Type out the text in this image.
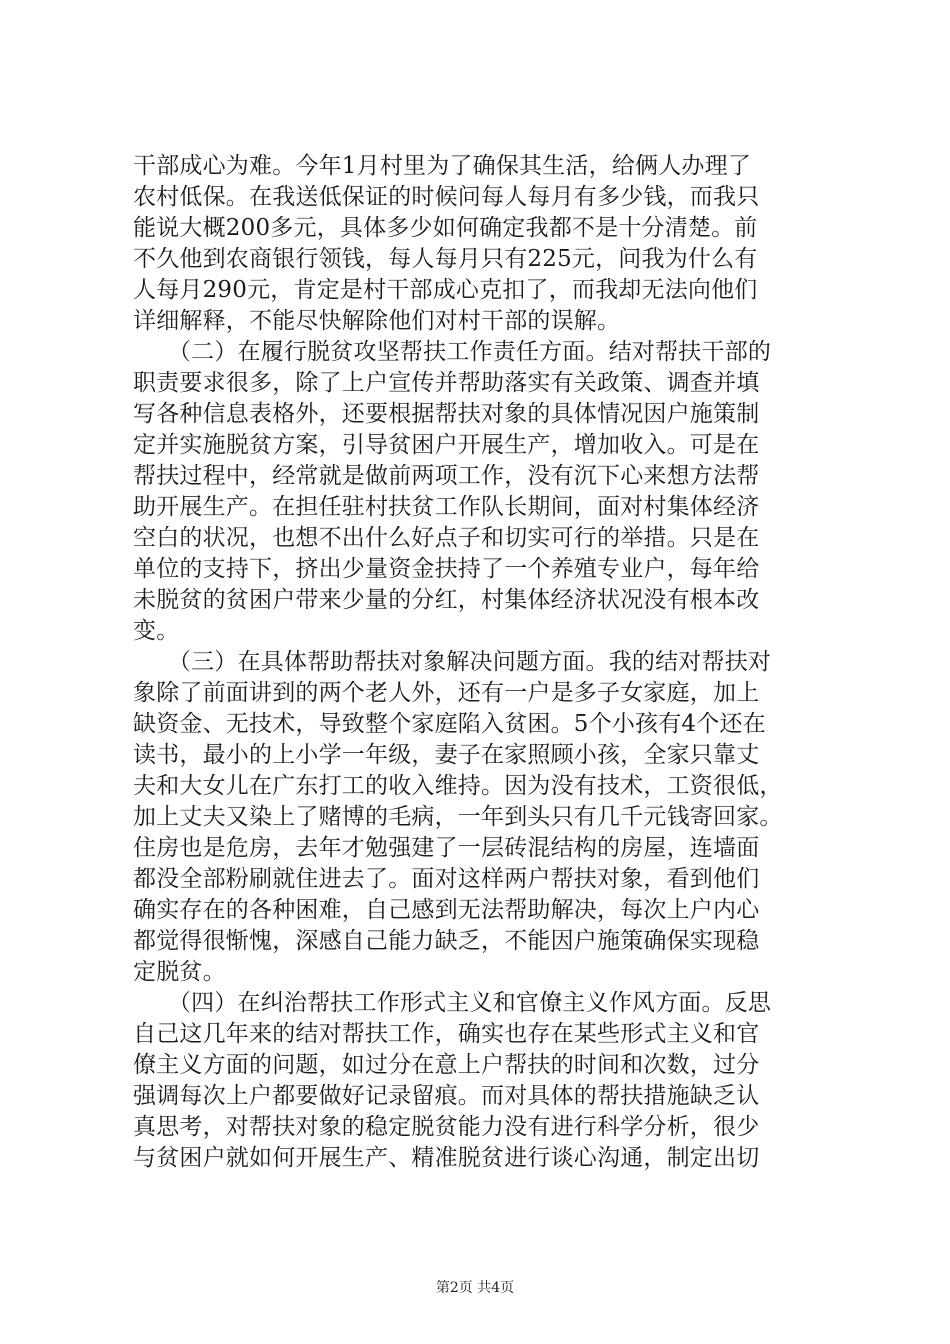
干部成心为难。今年1月村里为了确保其生活，给俩人办理了
农村低保。在我送低保证的时候问每人每月有多少钱，而我只
能说大概200多元，具体多少如何确定我都不是十分清楚。前
不久他到农商银行领钱，每人每月只有225元，问我为什么有
人每月290元，肯定是村干部成心克扣了，而我却无法向他们
详细解释，不能尽快解除他们对村干部的误解。
　　（二）在履行脱贫攻坚帮扶工作责任方面。结对帮扶干部的
职责要求很多，除了上户宣传并帮助落实有关政策、调查并填
写各种信息表格外，还要根据帮扶对象的具体情况因户施策制
定并实施脱贫方案，引导贫困户开展生产，增加收入。可是在
帮扶过程中，经常就是做前两项工作，没有沉下心来想方法帮
助开展生产。在担任驻村扶贫工作队长期间，面对村集体经济
空白的状况，也想不出什么好点子和切实可行的举措。只是在
单位的支持下，挤出少量资金扶持了一个养殖专业户，每年给
未脱贫的贫困户带来少量的分红，村集体经济状况没有根本改
变。
　　（三）在具体帮助帮扶对象解决问题方面。我的结对帮扶对
象除了前面讲到的两个老人外，还有一户是多子女家庭，加上
缺资金、无技术，导致整个家庭陷入贫困。5个小孩有4个还在
读书，最小的上小学一年级，妻子在家照顾小孩，全家只靠丈
夫和大女儿在广东打工的收入维持。因为没有技术，工资很低，
加上丈夫又染上了赌博的毛病，一年到头只有几千元钱寄回家。
住房也是危房，去年才勉强建了一层砖混结构的房屋，连墙面
都没全部粉刷就住进去了。面对这样两户帮扶对象，看到他们
确实存在的各种困难，自己感到无法帮助解决，每次上户内心
都觉得很惭愧，深感自己能力缺乏，不能因户施策确保实现稳
定脱贫。
　　（四）在纠治帮扶工作形式主义和官僚主义作风方面。反思
自己这几年来的结对帮扶工作，确实也存在某些形式主义和官
僚主义方面的问题，如过分在意上户帮扶的时间和次数，过分
强调每次上户都要做好记录留痕。而对具体的帮扶措施缺乏认
真思考，对帮扶对象的稳定脱贫能力没有进行科学分析，很少
与贫困户就如何开展生产、精准脱贫进行谈心沟通，制定出切
第2页 共4页
